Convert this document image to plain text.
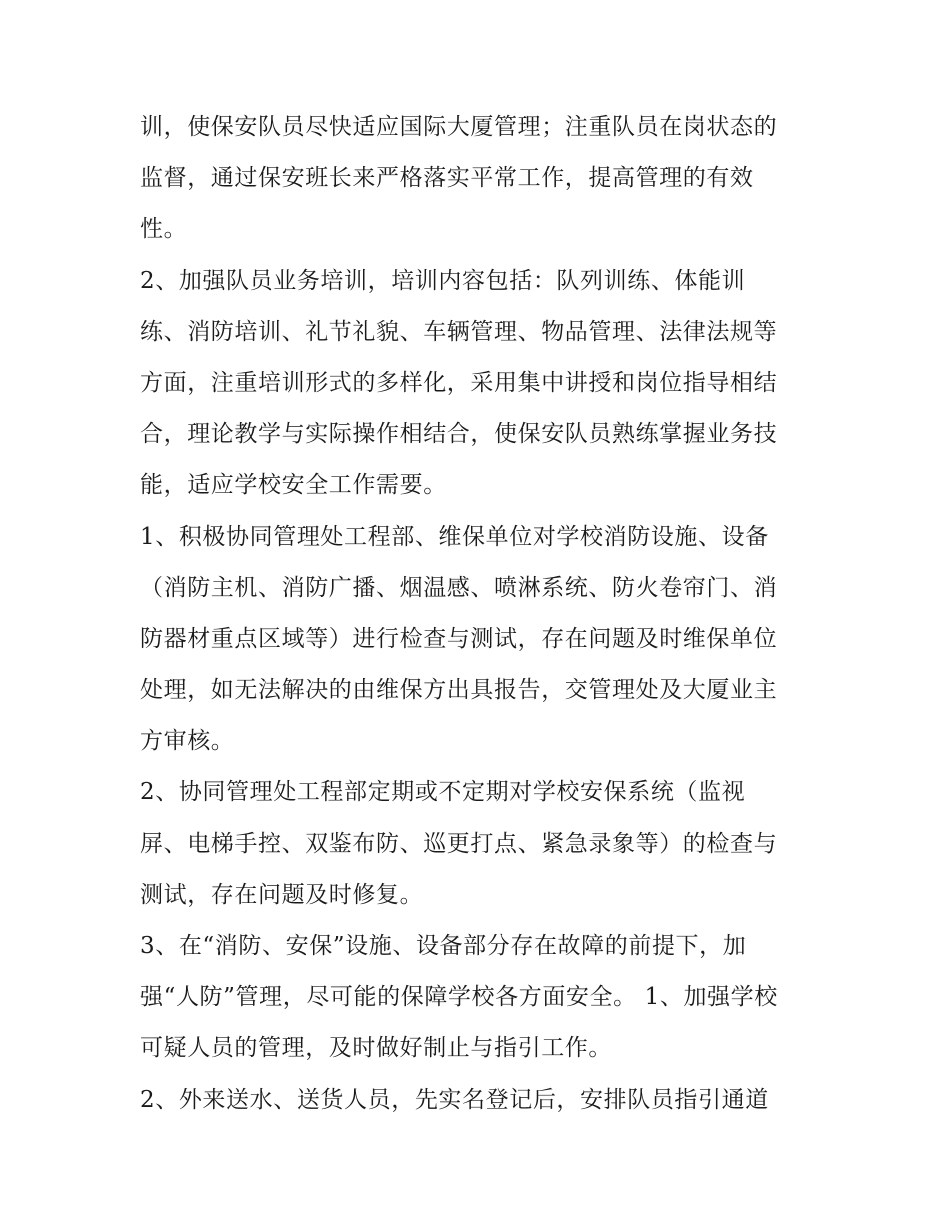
训，使保安队员尽快适应国际大厦管理；注重队员在岗状态的
监督，通过保安班长来严格落实平常工作，提高管理的有效
性。
2、加强队员业务培训，培训内容包括：队列训练、体能训
练、消防培训、礼节礼貌、车辆管理、物品管理、法律法规等
方面，注重培训形式的多样化，采用集中讲授和岗位指导相结
合，理论教学与实际操作相结合，使保安队员熟练掌握业务技
能，适应学校安全工作需要。
1、积极协同管理处工程部、维保单位对学校消防设施、设备
（消防主机、消防广播、烟温感、喷淋系统、防火卷帘门、消
防器材重点区域等）进行检查与测试，存在问题及时维保单位
处理，如无法解决的由维保方出具报告，交管理处及大厦业主
方审核。
2、协同管理处工程部定期或不定期对学校安保系统（监视
屏、电梯手控、双鉴布防、巡更打点、紧急录象等）的检查与
测试，存在问题及时修复。
3、在“消防、安保”设施、设备部分存在故障的前提下，加
强“人防”管理，尽可能的保障学校各方面安全。 1、加强学校
可疑人员的管理，及时做好制止与指引工作。
2、外来送水、送货人员，先实名登记后，安排队员指引通道
